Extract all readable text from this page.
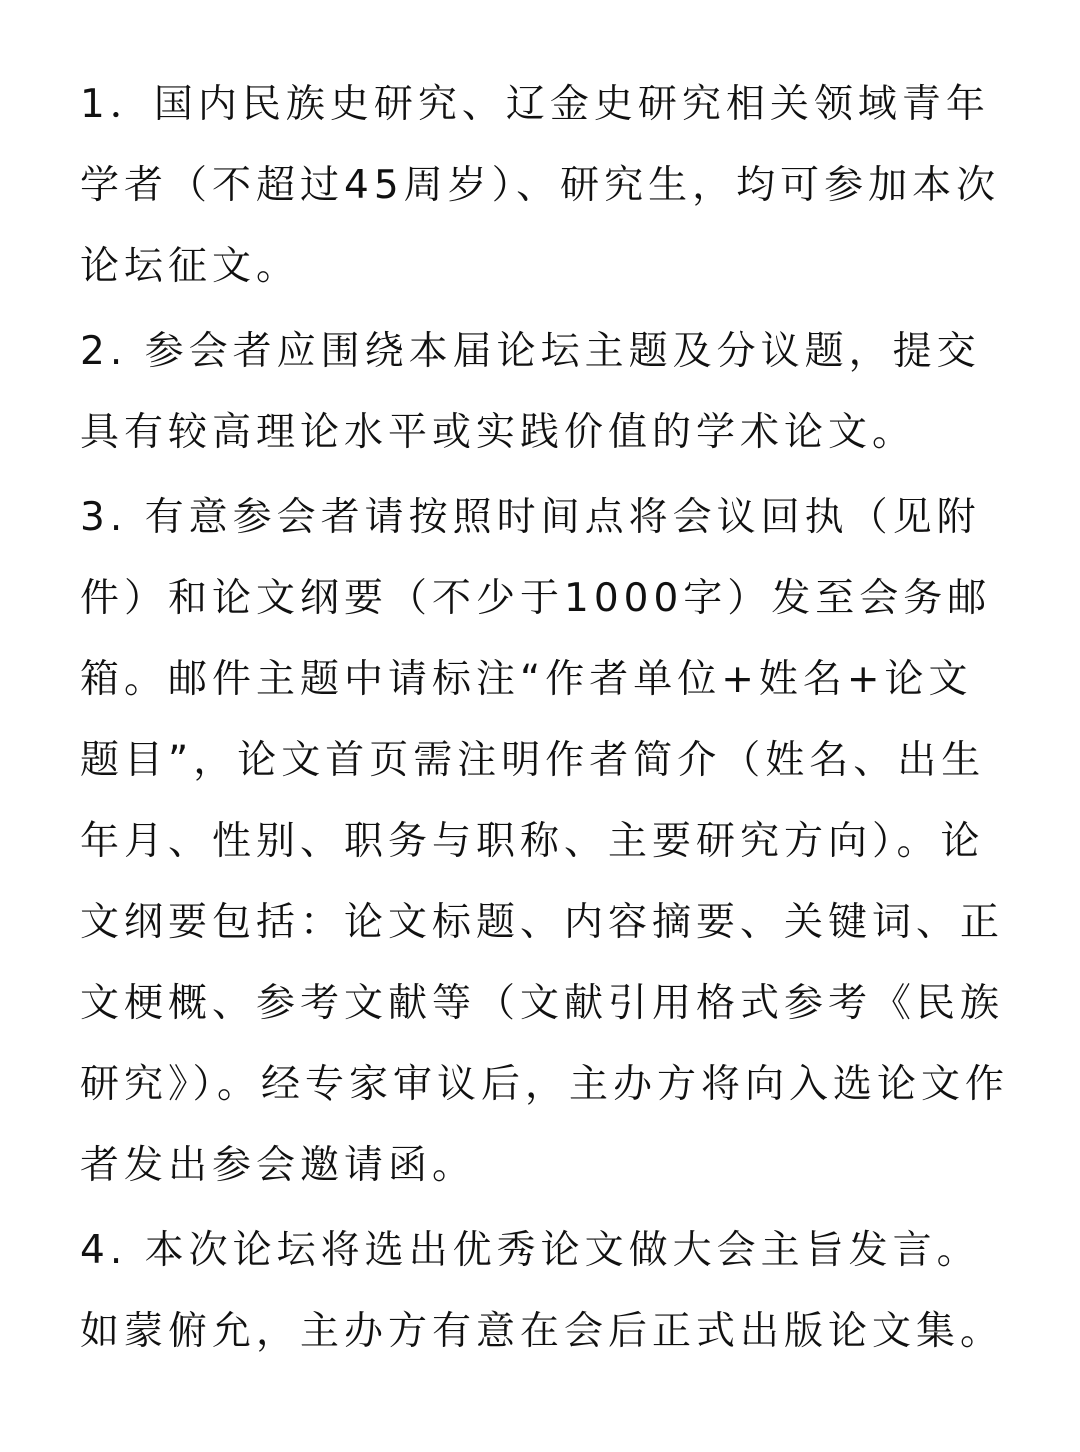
1．国内民族史研究、辽金史研究相关领域青年学者（不超过45周岁）、研究生，均可参加本次论坛征文。

2. 参会者应围绕本届论坛主题及分议题，提交具有较高理论水平或实践价值的学术论文。

3. 有意参会者请按照时间点将会议回执（见附件）和论文纲要（不少于1000字）发至会务邮箱。邮件主题中请标注“作者单位+姓名+论文题目”，论文首页需注明作者简介（姓名、出生年月、性别、职务与职称、主要研究方向）。论文纲要包括：论文标题、内容摘要、关键词、正文梗概、参考文献等（文献引用格式参考《民族研究》）。经专家审议后，主办方将向入选论文作者发出参会邀请函。

4. 本次论坛将选出优秀论文做大会主旨发言。如蒙俯允，主办方有意在会后正式出版论文集。
